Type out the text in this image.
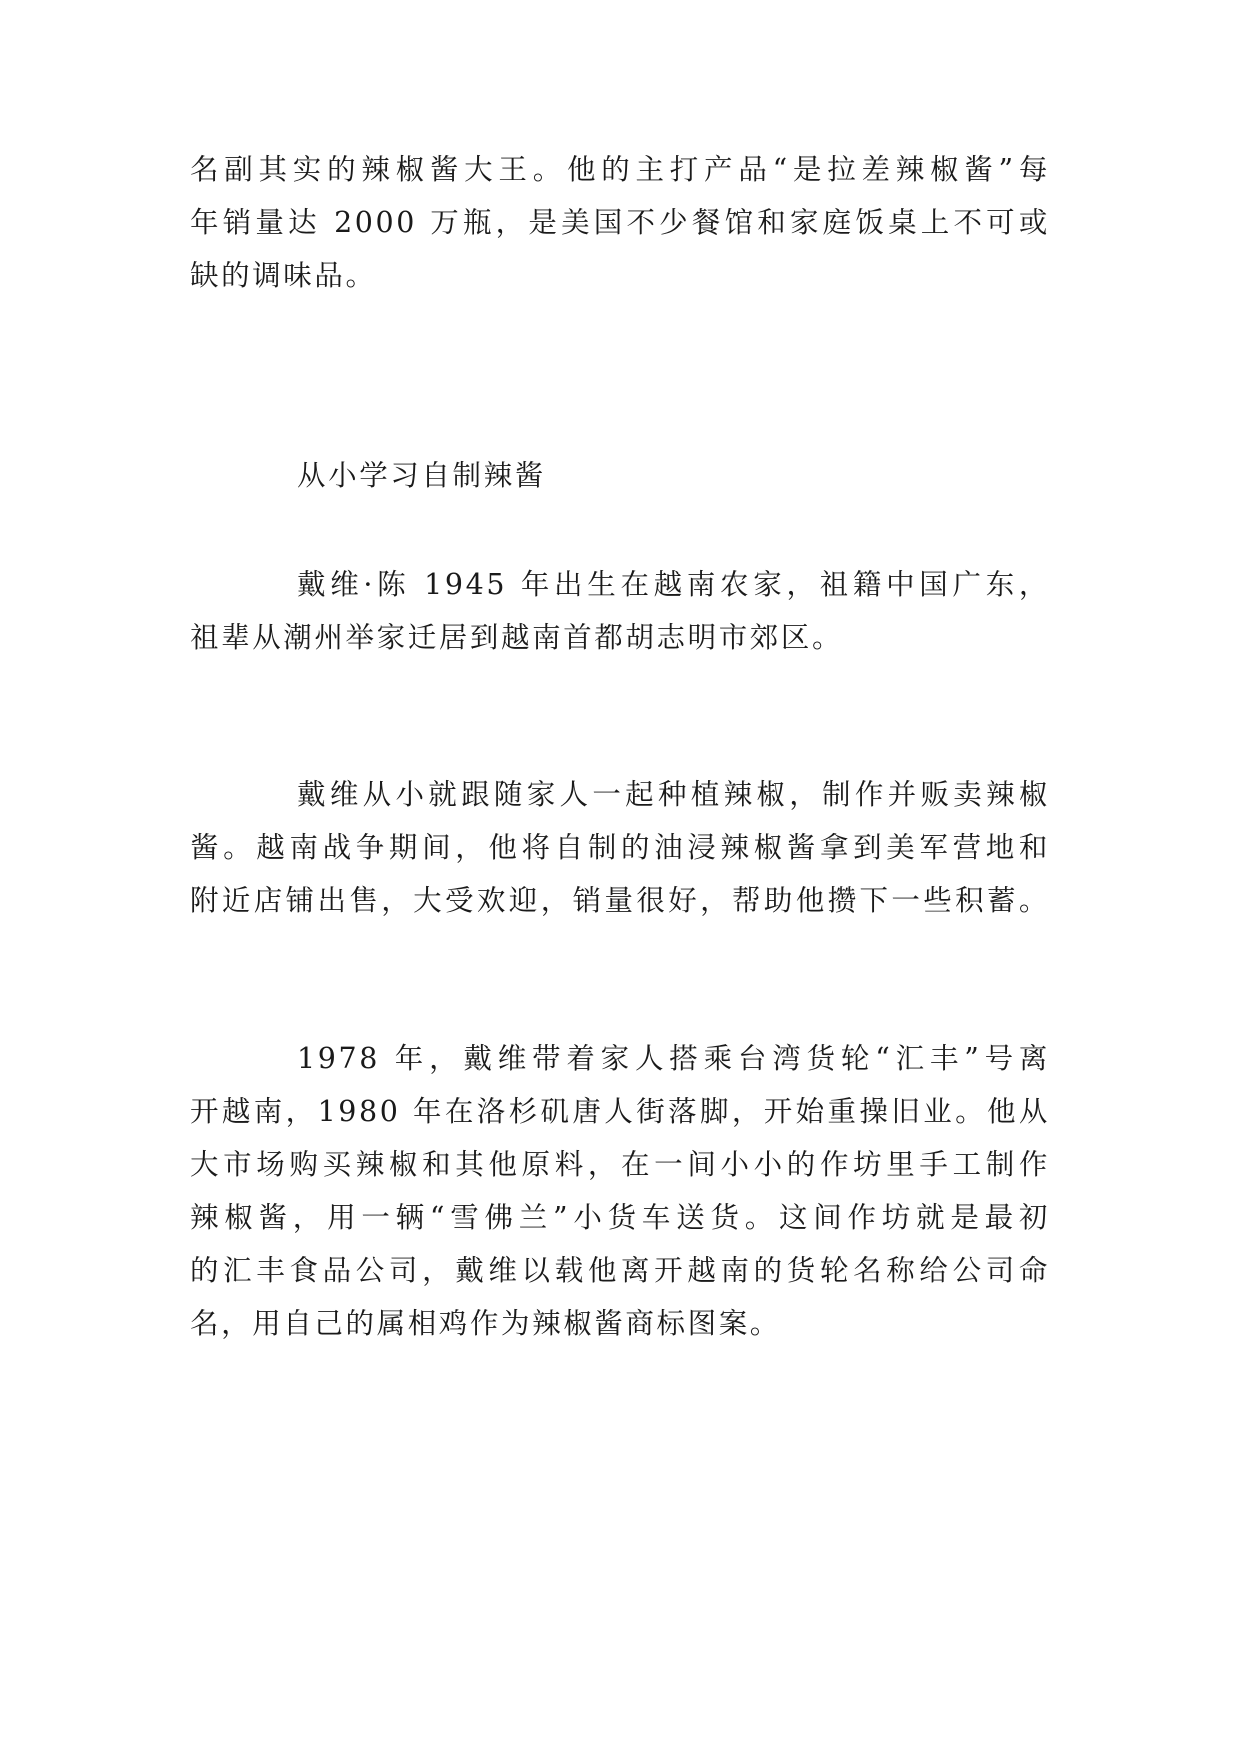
名副其实的辣椒酱大王。他的主打产品“是拉差辣椒酱”每

年销量达 2000 万瓶，是美国不少餐馆和家庭饭桌上不可或

缺的调味品。

从小学习自制辣酱

戴维·陈 1945 年出生在越南农家，祖籍中国广东，

祖辈从潮州举家迁居到越南首都胡志明市郊区。

戴维从小就跟随家人一起种植辣椒，制作并贩卖辣椒

酱。越南战争期间，他将自制的油浸辣椒酱拿到美军营地和

附近店铺出售，大受欢迎，销量很好，帮助他攒下一些积蓄。

1978 年，戴维带着家人搭乘台湾货轮“汇丰”号离

开越南，1980 年在洛杉矶唐人街落脚，开始重操旧业。他从

大市场购买辣椒和其他原料，在一间小小的作坊里手工制作

辣椒酱，用一辆“雪佛兰”小货车送货。这间作坊就是最初

的汇丰食品公司，戴维以载他离开越南的货轮名称给公司命

名，用自己的属相鸡作为辣椒酱商标图案。
